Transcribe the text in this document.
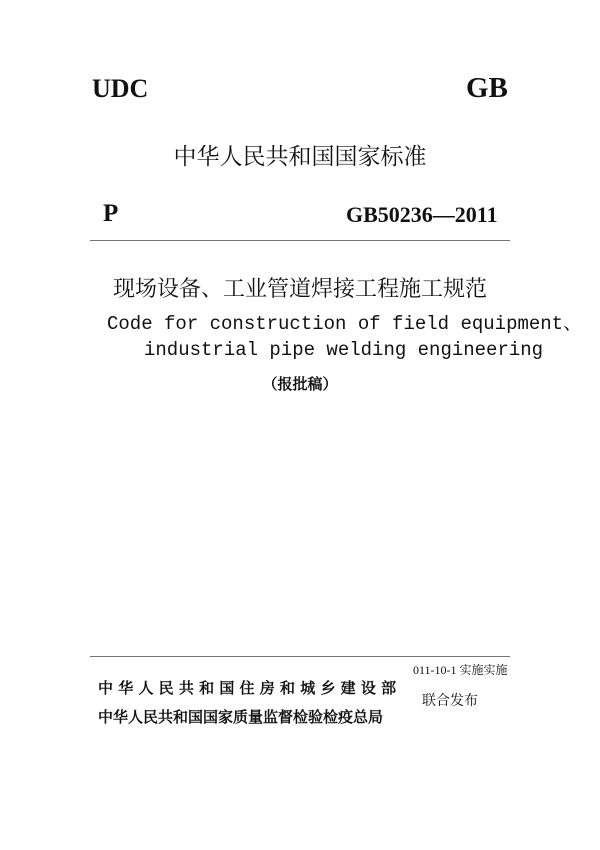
UDC	GB
中华人民共和国国家标准
P	GB50236—2011
现场设备、工业管道焊接工程施工规范
Code for construction of field equipment、
industrial pipe welding engineering
（报批稿）
中 华 人 民 共 和 国 住 房 和 城 乡 建 设 部
中华人民共和国国家质量监督检验检疫总局
011-10-1 实施实施
联合发布
